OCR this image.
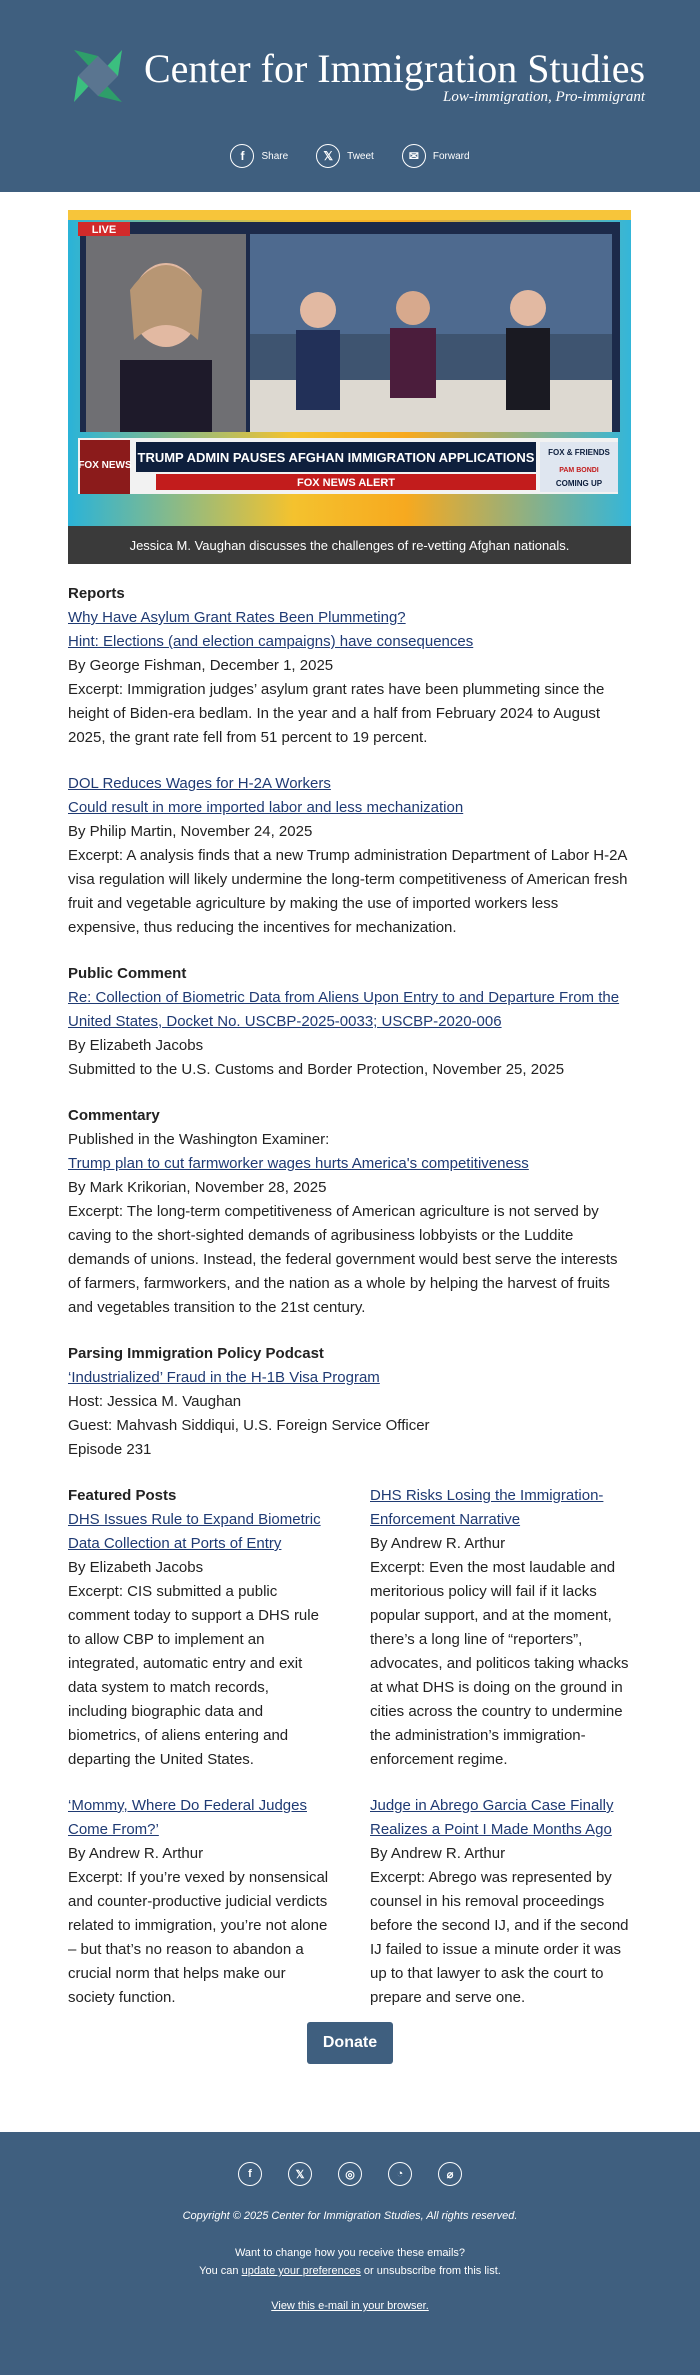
Center for Immigration Studies
Low-immigration, Pro-immigrant
f	Share	𝕏	Tweet	✉	Forward
LIVE
FOX NEWS
TRUMP ADMIN PAUSES AFGHAN IMMIGRATION APPLICATIONS
FOX NEWS ALERT
FOX & FRIENDS
PAM BONDI
COMING UP
Jessica M. Vaughan discusses the challenges of re-vetting Afghan nationals.
Reports
Why Have Asylum Grant Rates Been Plummeting?
Hint: Elections (and election campaigns) have consequences
By George Fishman, December 1, 2025
Excerpt: Immigration judges’ asylum grant rates have been plummeting since the height of Biden-era bedlam. In the year and a half from February 2024 to August 2025, the grant rate fell from 51 percent to 19 percent.
DOL Reduces Wages for H-2A Workers
Could result in more imported labor and less mechanization
By Philip Martin, November 24, 2025
Excerpt: A analysis finds that a new Trump administration Department of Labor H-2A visa regulation will likely undermine the long-term competitiveness of American fresh fruit and vegetable agriculture by making the use of imported workers less expensive, thus reducing the incentives for mechanization.
Public Comment
Re: Collection of Biometric Data from Aliens Upon Entry to and Departure From the United States, Docket No. USCBP-2025-0033; USCBP-2020-006
By Elizabeth Jacobs
Submitted to the U.S. Customs and Border Protection, November 25, 2025
Commentary
Published in the Washington Examiner:
Trump plan to cut farmworker wages hurts America's competitiveness
By Mark Krikorian, November 28, 2025
Excerpt: The long-term competitiveness of American agriculture is not served by caving to the short-sighted demands of agribusiness lobbyists or the Luddite demands of unions. Instead, the federal government would best serve the interests of farmers, farmworkers, and the nation as a whole by helping the harvest of fruits and vegetables transition to the 21st century.
Parsing Immigration Policy Podcast
‘Industrialized’ Fraud in the H-1B Visa Program
Host: Jessica M. Vaughan
Guest: Mahvash Siddiqui, U.S. Foreign Service Officer
Episode 231
Featured Posts
DHS Issues Rule to Expand Biometric Data Collection at Ports of Entry
By Elizabeth Jacobs
Excerpt: CIS submitted a public comment today to support a DHS rule to allow CBP to implement an integrated, automatic entry and exit data system to match records, including biographic data and biometrics, of aliens entering and departing the United States.
‘Mommy, Where Do Federal Judges Come From?’
By Andrew R. Arthur
Excerpt: If you’re vexed by nonsensical and counter-productive judicial verdicts related to immigration, you’re not alone – but that’s no reason to abandon a crucial norm that helps make our society function.
DHS Risks Losing the Immigration-Enforcement Narrative
By Andrew R. Arthur
Excerpt: Even the most laudable and meritorious policy will fail if it lacks popular support, and at the moment, there’s a long line of “reporters”, advocates, and politicos taking whacks at what DHS is doing on the ground in cities across the country to undermine the administration’s immigration-enforcement regime.
Judge in Abrego Garcia Case Finally Realizes a Point I Made Months Ago
By Andrew R. Arthur
Excerpt: Abrego was represented by counsel in his removal proceedings before the second IJ, and if the second IJ failed to issue a minute order it was up to that lawyer to ask the court to prepare and serve one.
Donate
f	𝕏	◎	◔	⌀
Copyright © 2025 Center for Immigration Studies, All rights reserved.
Want to change how you receive these emails?
You can update your preferences or unsubscribe from this list.
View this e-mail in your browser.
